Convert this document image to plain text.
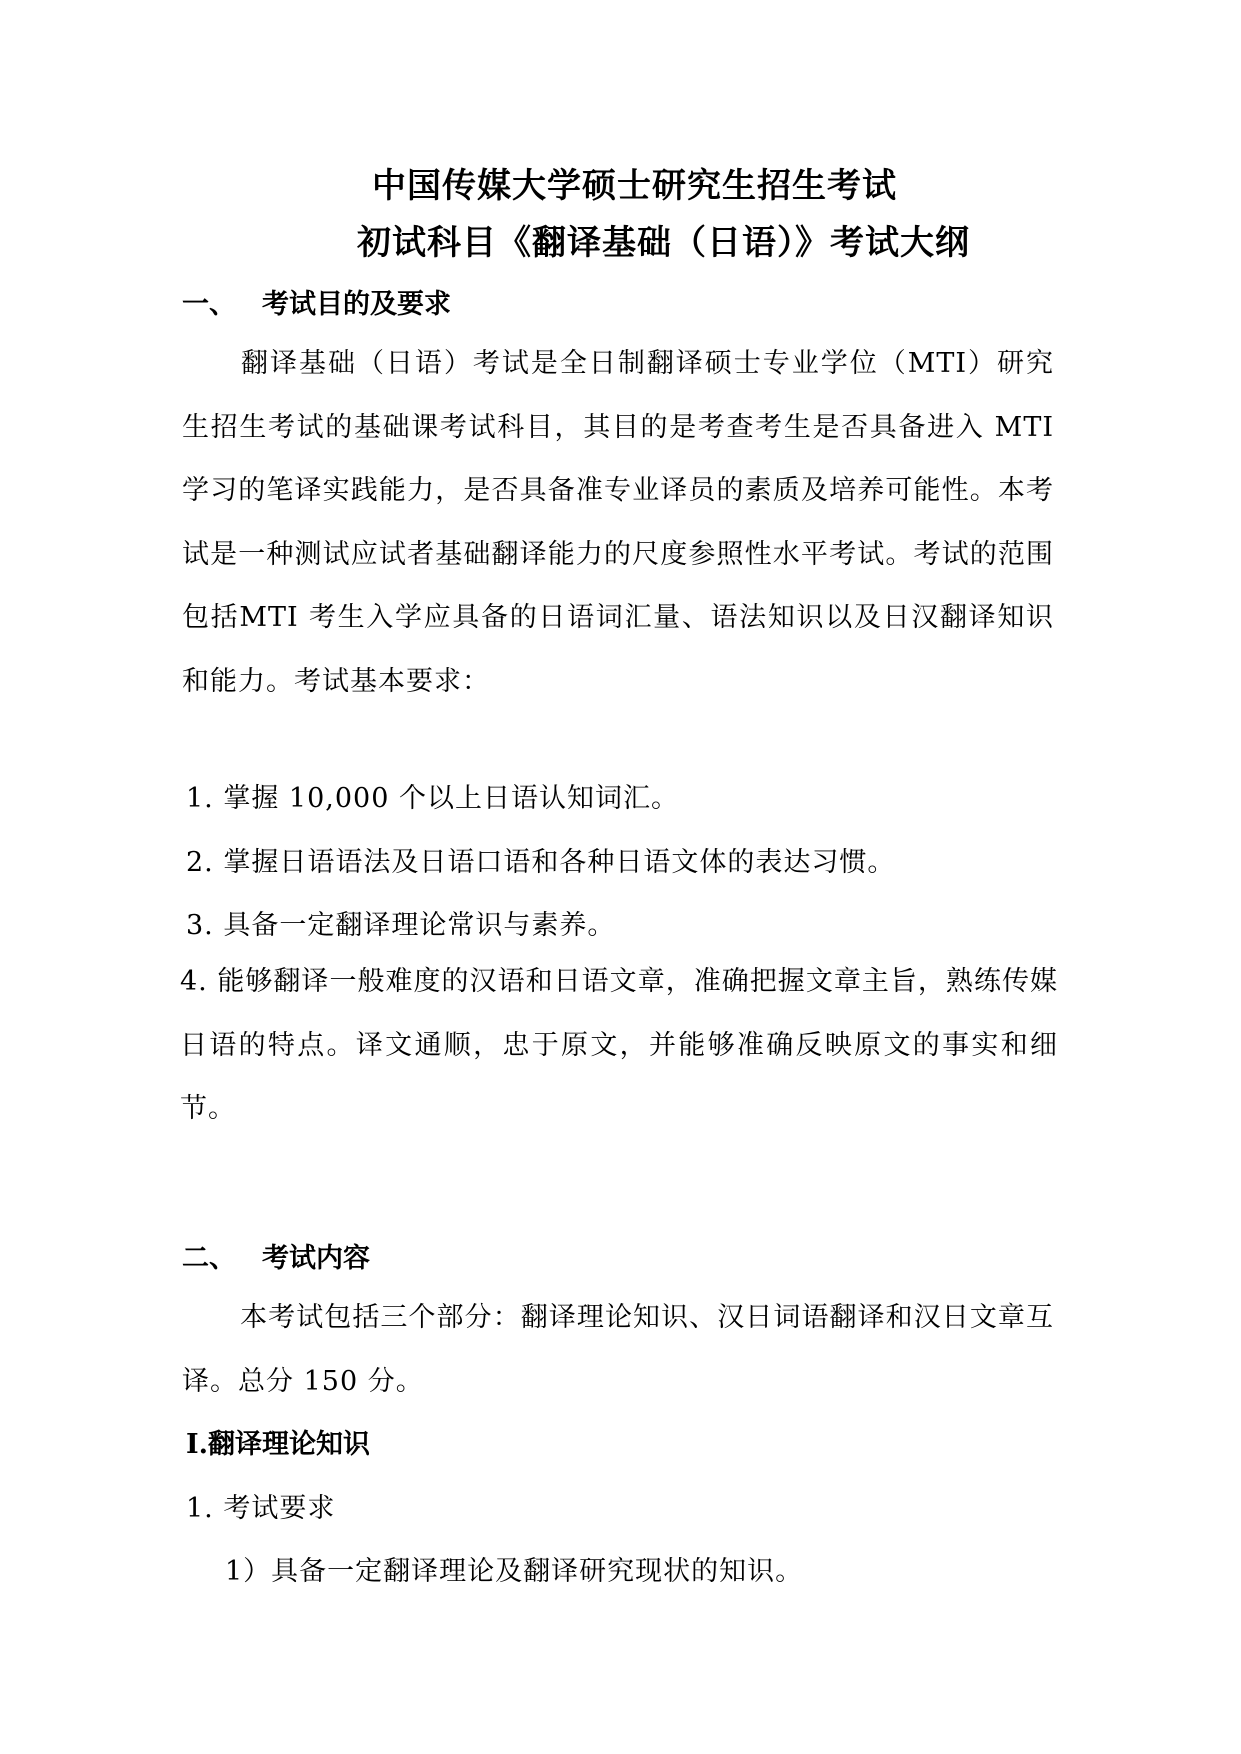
中国传媒大学硕士研究生招生考试
初试科目《翻译基础（日语）》考试大纲
一、 考试目的及要求
翻译基础（日语）考试是全日制翻译硕士专业学位（MTI）研究生招生考试的基础课考试科目，其目的是考查考生是否具备进入 MTI 学习的笔译实践能力，是否具备准专业译员的素质及培养可能性。本考试是一种测试应试者基础翻译能力的尺度参照性水平考试。考试的范围包括MTI 考生入学应具备的日语词汇量、语法知识以及日汉翻译知识和能力。考试基本要求：
1. 掌握 10,000 个以上日语认知词汇。
2. 掌握日语语法及日语口语和各种日语文体的表达习惯。
3. 具备一定翻译理论常识与素养。
4. 能够翻译一般难度的汉语和日语文章，准确把握文章主旨，熟练传媒日语的特点。译文通顺，忠于原文，并能够准确反映原文的事实和细节。
二、 考试内容
本考试包括三个部分：翻译理论知识、汉日词语翻译和汉日文章互译。总分 150 分。
Ⅰ.翻译理论知识
1. 考试要求
1）具备一定翻译理论及翻译研究现状的知识。
